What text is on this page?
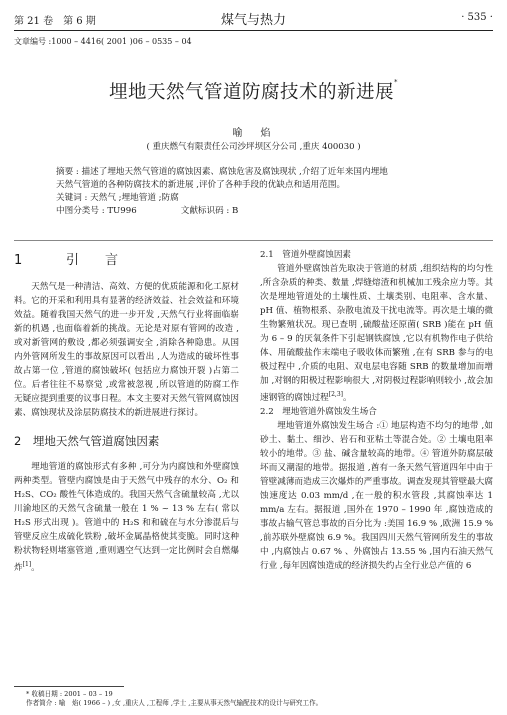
第 21 卷　第 6 期	煤气与热力	· 535 ·
文章编号 :1000 – 4416( 2001 )06 – 0535 – 04
埋地天然气管道防腐技术的新进展*
喻　焰
( 重庆燃气有限责任公司沙坪坝区分公司 ,重庆 400030 )
摘要 : 描述了埋地天然气管道的腐蚀因素、腐蚀危害及腐蚀现状 ,介绍了近年来国内埋地
天然气管道的各种防腐技术的新进展 ,评价了各种手段的优缺点和适用范围。
关键词 : 天然气 ;埋地管道 ;防腐
中图分类号 : TU996	文献标识码 : B
1	引　　言

天然气是一种清洁、高效、方便的优质能源和化工原材料。它的开采和利用具有显著的经济效益、社会效益和环境效益。随着我国天然气的进一步开发 ,天然气行业将面临崭新的机遇 ,也面临着新的挑战。无论是对原有管网的改造 ,或对新管网的敷设 ,都必须强调安全 ,消除各种隐患。从国内外管网所发生的事故原因可以看出 ,人为造成的破坏性事故占第一位 ,管道的腐蚀破坏( 包括应力腐蚀开裂 )占第二位。后者往往不易察觉 ,或常被忽视 ,所以管道的防腐工作无疑应提到重要的议事日程。本文主要对天然气管网腐蚀因素、腐蚀现状及涂层防腐技术的新进展进行探讨。

2　 埋地天然气管道腐蚀因素

埋地管道的腐蚀形式有多种 ,可分为内腐蚀和外壁腐蚀两种类型。管壁内腐蚀是由于天然气中残存的水分、O₂ 和 H₂S、CO₂ 酸性气体造成的。我国天然气含硫量较高 ,尤以川渝地区的天然气含硫量一般在 1 % ~ 13 % 左右( 常以 H₂S 形式出现 )。管道中的 H₂S 和和硫在与水分渗混后与管壁反应生成硫化铁粉 ,破坏金属晶格使其变脆。同时这种粉状物轻则堵塞管道 ,重则遇空气达到一定比例时会自燃爆炸[1]。

2.1　管道外壁腐蚀因素

管道外壁腐蚀首先取决于管道的材质 ,组织结构的均匀性 ,所含杂质的种类、数量 ,焊缝熔渣和机械加工残余应力等。其次是埋地管道处的土壤性质、土壤类别、电阻率、含水量、pH 值、植物根系、杂散电流及干扰电流等。再次是土壤的微生物繁殖状况。现已查明 ,硫酸盐还原菌( SRB )能在 pH 值为 6 – 9 的厌氧条件下引起钢铁腐蚀 ,它以有机物作电子供给体、用硫酸盐作末端电子吸收体而繁殖 ,在有 SRB 参与的电极过程中 ,介质的电阻、双电层电容随 SRB 的数量增加而增加 ,对钢的阳极过程影响很大 ,对阴极过程影响则较小 ,故会加速钢管的腐蚀过程[2,3]。

2.2　埋地管道外腐蚀发生场合

埋地管道外腐蚀发生场合 :① 地层构造不均匀的地带 ,如砂土、黏土、细沙、岩石和亚粘土等混合处。② 土壤电阻率较小的地带。③ 盐、碱含量较高的地带。④ 管道外防腐层破坏而又潮湿的地带。据报道 ,酋有一条天然气管道四年中由于管壁减薄而造成三次爆炸的严重事故。调查发现其管壁最大腐蚀速度达 0.03 mm/d ,在一般的积水管段 ,其腐蚀率达 1 mm/a 左右。据报道 ,国外在 1970 – 1990 年 ,腐蚀造成的事故占输气管总事故的百分比为 :美国 16.9 % ,欧洲 15.9 % ,前苏联外壁腐蚀 6.9 %。我国四川天然气管网所发生的事故中 ,内腐蚀占 0.67 % 、外腐蚀占 13.55 % ,国内石油天然气行业 ,每年因腐蚀造成的经济损失约占全行业总产值的 6

* 收稿日期 : 2001 – 03 – 19
作者简介 : 喻　焰( 1966 – ) ,女 ,重庆人 ,工程师 ,学士 ,主要从事天然气输配技术的设计与研究工作。
